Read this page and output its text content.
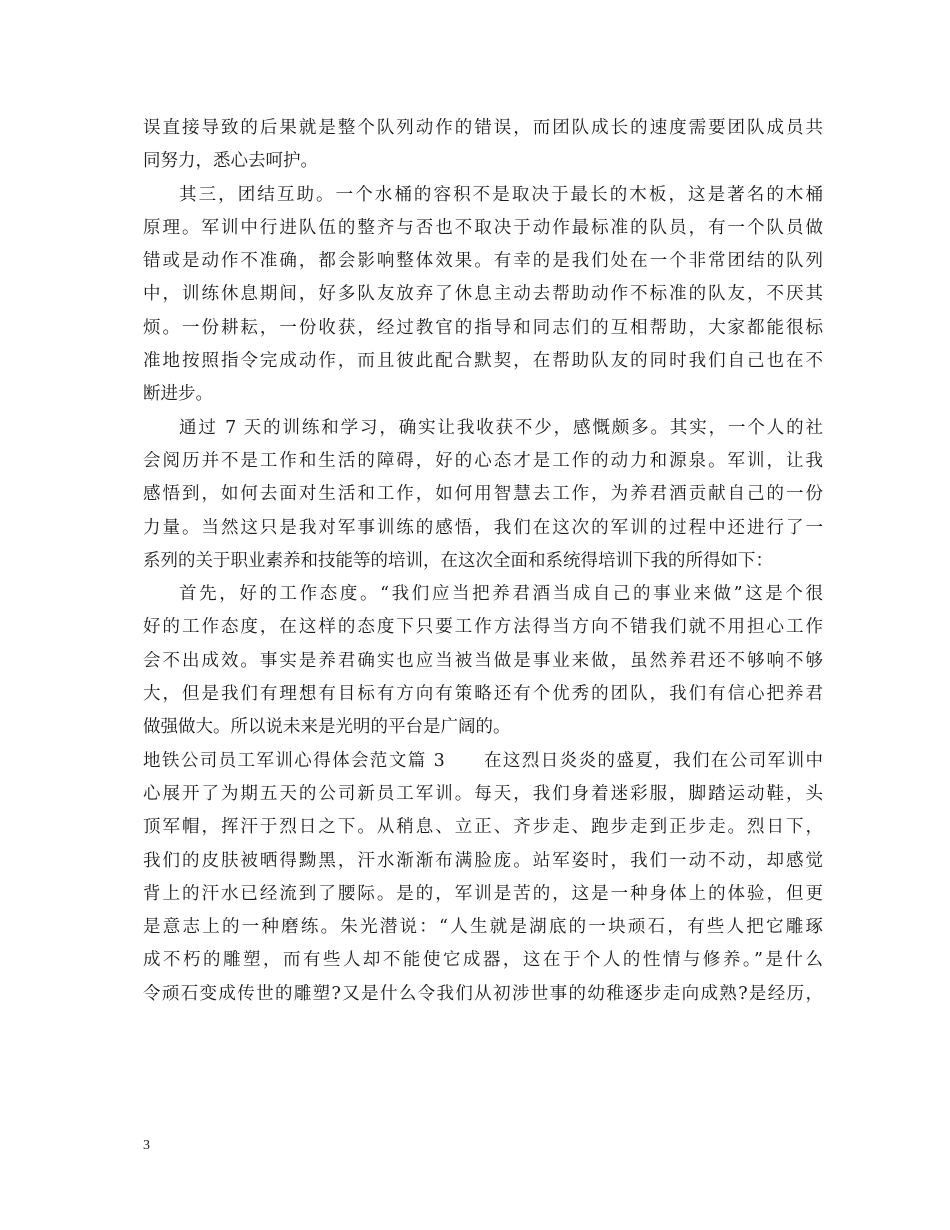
误直接导致的后果就是整个队列动作的错误，而团队成长的速度需要团队成员共
同努力，悉心去呵护。
其三，团结互助。一个水桶的容积不是取决于最长的木板，这是著名的木桶
原理。军训中行进队伍的整齐与否也不取决于动作最标准的队员，有一个队员做
错或是动作不准确，都会影响整体效果。有幸的是我们处在一个非常团结的队列
中，训练休息期间，好多队友放弃了休息主动去帮助动作不标准的队友，不厌其
烦。一份耕耘，一份收获，经过教官的指导和同志们的互相帮助，大家都能很标
准地按照指令完成动作，而且彼此配合默契，在帮助队友的同时我们自己也在不
断进步。
通过 7 天的训练和学习，确实让我收获不少，感慨颇多。其实，一个人的社
会阅历并不是工作和生活的障碍，好的心态才是工作的动力和源泉。军训，让我
感悟到，如何去面对生活和工作，如何用智慧去工作，为养君酒贡献自己的一份
力量。当然这只是我对军事训练的感悟，我们在这次的军训的过程中还进行了一
系列的关于职业素养和技能等的培训，在这次全面和系统得培训下我的所得如下：
首先，好的工作态度。“我们应当把养君酒当成自己的事业来做”这是个很
好的工作态度，在这样的态度下只要工作方法得当方向不错我们就不用担心工作
会不出成效。事实是养君确实也应当被当做是事业来做，虽然养君还不够响不够
大，但是我们有理想有目标有方向有策略还有个优秀的团队，我们有信心把养君
做强做大。所以说未来是光明的平台是广阔的。
地铁公司员工军训心得体会范文篇 3　　在这烈日炎炎的盛夏，我们在公司军训中
心展开了为期五天的公司新员工军训。每天，我们身着迷彩服，脚踏运动鞋，头
顶军帽，挥汗于烈日之下。从稍息、立正、齐步走、跑步走到正步走。烈日下，
我们的皮肤被晒得黝黑，汗水渐渐布满脸庞。站军姿时，我们一动不动，却感觉
背上的汗水已经流到了腰际。是的，军训是苦的，这是一种身体上的体验，但更
是意志上的一种磨练。朱光潜说：“人生就是湖底的一块顽石，有些人把它雕琢
成不朽的雕塑，而有些人却不能使它成器，这在于个人的性情与修养。”是什么
令顽石变成传世的雕塑?又是什么令我们从初涉世事的幼稚逐步走向成熟?是经历，
3
